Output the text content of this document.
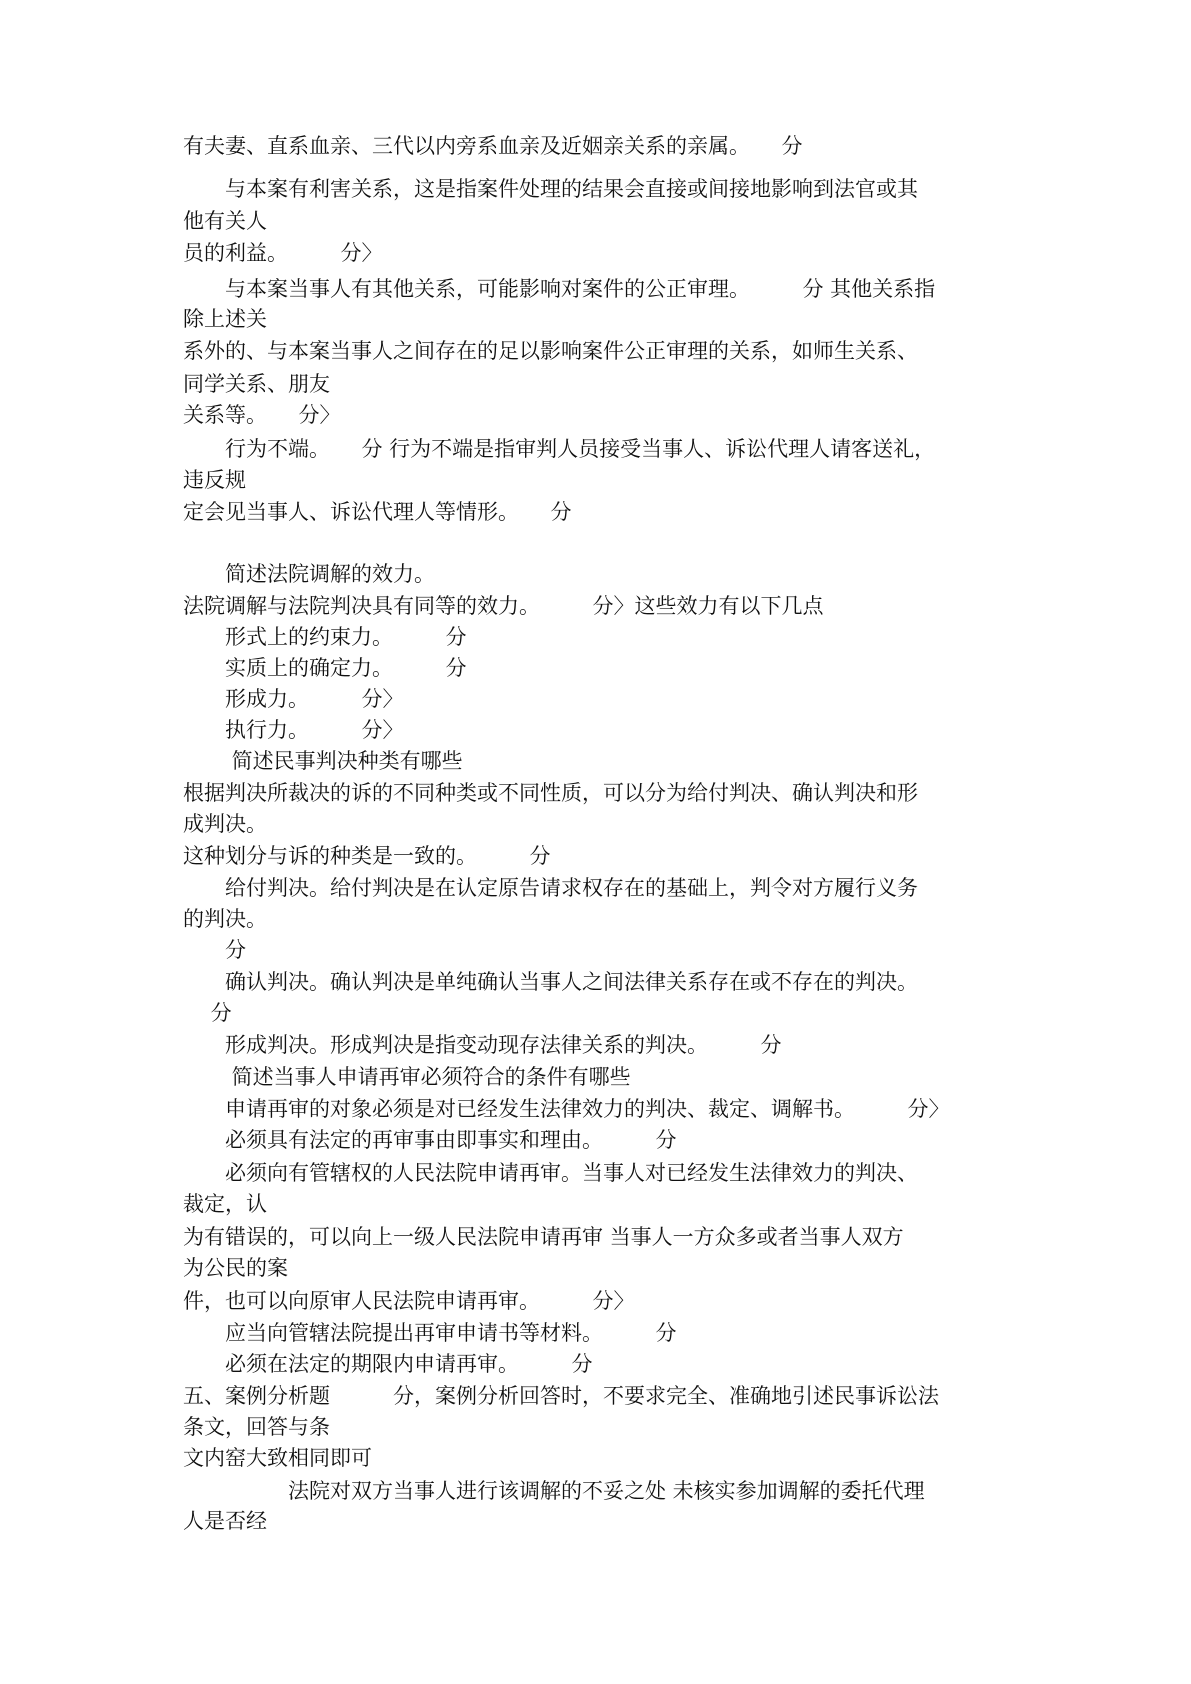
有夫妻、直系血亲、三代以内旁系血亲及近姻亲关系的亲属。　　分
　　与本案有利害关系，这是指案件处理的结果会直接或间接地影响到法官或其
他有关人
员的利益。　　　分〉
　　与本案当事人有其他关系，可能影响对案件的公正审理。　　　分 其他关系指
除上述关
系外的、与本案当事人之间存在的足以影响案件公正审理的关系，如师生关系、
同学关系、朋友
关系等。　　分〉
　　行为不端。　　分 行为不端是指审判人员接受当事人、诉讼代理人请客送礼，
违反规
定会见当事人、诉讼代理人等情形。　　分
　　简述法院调解的效力。
法院调解与法院判决具有同等的效力。　　　分〉这些效力有以下几点
　　形式上的约束力。　　　分
　　实质上的确定力。　　　分
　　形成力。　　　分〉
　　执行力。　　　分〉
　　 简述民事判决种类有哪些
根据判决所裁决的诉的不同种类或不同性质，可以分为给付判决、确认判决和形
成判决。
这种划分与诉的种类是一致的。　　　分
　　给付判决。给付判决是在认定原告请求权存在的基础上，判令对方履行义务
的判决。
　　分
　　确认判决。确认判决是单纯确认当事人之间法律关系存在或不存在的判决。
　 分
　　形成判决。形成判决是指变动现存法律关系的判决。　　　分
　　 简述当事人申请再审必须符合的条件有哪些
　　申请再审的对象必须是对已经发生法律效力的判决、裁定、调解书。　　　分〉
　　必须具有法定的再审事由即事实和理由。　　　分
　　必须向有管辖权的人民法院申请再审。当事人对已经发生法律效力的判决、
裁定，认
为有错误的，可以向上一级人民法院申请再审 当事人一方众多或者当事人双方
为公民的案
件，也可以向原审人民法院申请再审。　　　分〉
　　应当向管辖法院提出再审申请书等材料。　　　分
　　必须在法定的期限内申请再审。　　　分
五、案例分析题　　　分，案例分析回答时，不要求完全、准确地引述民事诉讼法
条文，回答与条
文内窑大致相同即可
　　　　　法院对双方当事人进行该调解的不妥之处 未核实参加调解的委托代理
人是否经
